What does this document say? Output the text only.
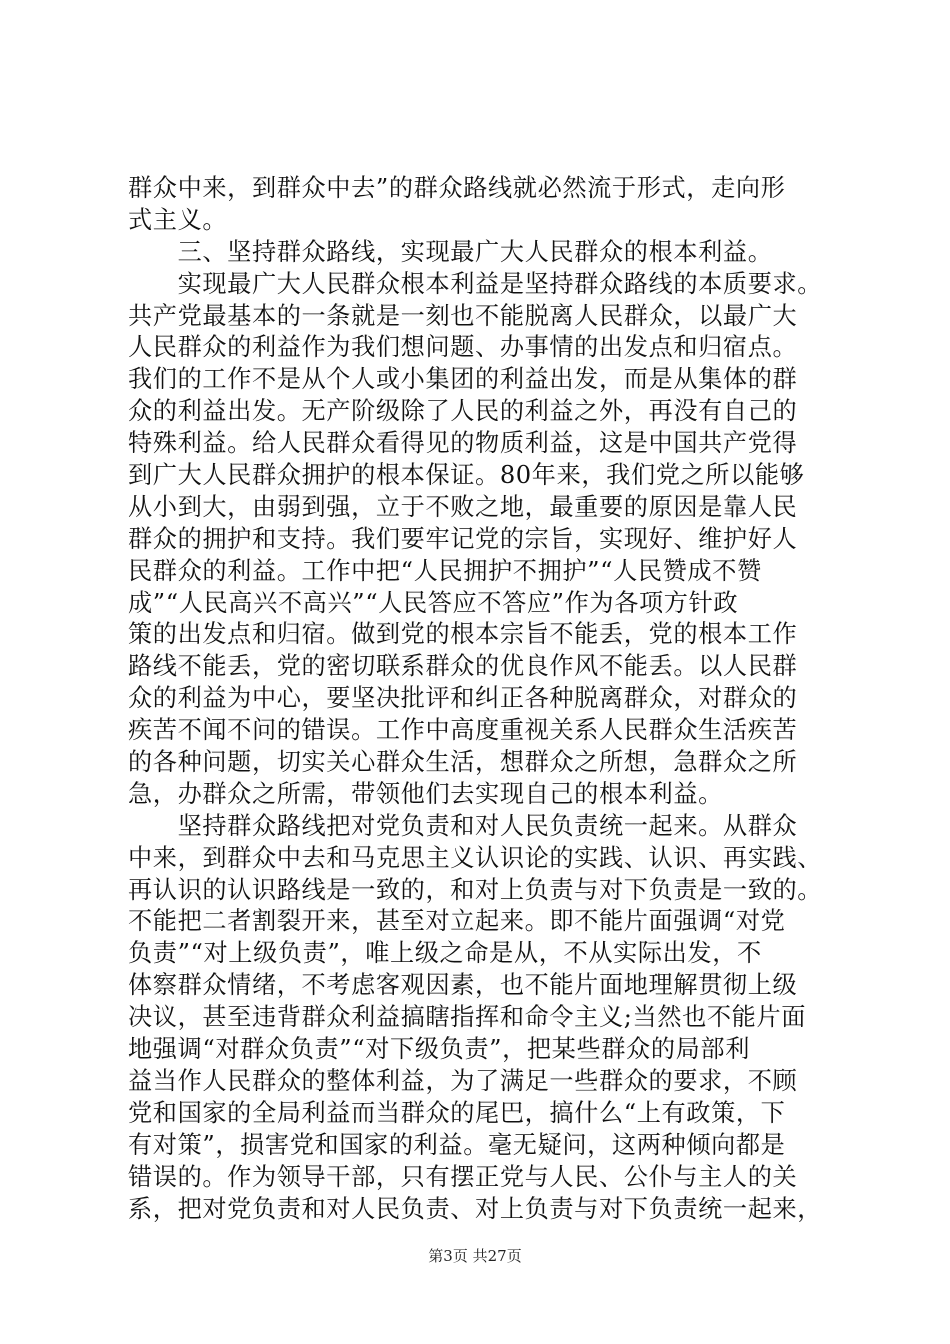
群众中来，到群众中去”的群众路线就必然流于形式，走向形
式主义。
　　三、坚持群众路线，实现最广大人民群众的根本利益。
　　实现最广大人民群众根本利益是坚持群众路线的本质要求。
共产党最基本的一条就是一刻也不能脱离人民群众，以最广大
人民群众的利益作为我们想问题、办事情的出发点和归宿点。
我们的工作不是从个人或小集团的利益出发，而是从集体的群
众的利益出发。无产阶级除了人民的利益之外，再没有自己的
特殊利益。给人民群众看得见的物质利益，这是中国共产党得
到广大人民群众拥护的根本保证。80年来，我们党之所以能够
从小到大，由弱到强，立于不败之地，最重要的原因是靠人民
群众的拥护和支持。我们要牢记党的宗旨，实现好、维护好人
民群众的利益。工作中把“人民拥护不拥护”“人民赞成不赞
成”“人民高兴不高兴”“人民答应不答应”作为各项方针政
策的出发点和归宿。做到党的根本宗旨不能丢，党的根本工作
路线不能丢，党的密切联系群众的优良作风不能丢。以人民群
众的利益为中心，要坚决批评和纠正各种脱离群众，对群众的
疾苦不闻不问的错误。工作中高度重视关系人民群众生活疾苦
的各种问题，切实关心群众生活，想群众之所想，急群众之所
急，办群众之所需，带领他们去实现自己的根本利益。
　　坚持群众路线把对党负责和对人民负责统一起来。从群众
中来，到群众中去和马克思主义认识论的实践、认识、再实践、
再认识的认识路线是一致的，和对上负责与对下负责是一致的。
不能把二者割裂开来，甚至对立起来。即不能片面强调“对党
负责”“对上级负责”，唯上级之命是从，不从实际出发，不
体察群众情绪，不考虑客观因素，也不能片面地理解贯彻上级
决议，甚至违背群众利益搞瞎指挥和命令主义;当然也不能片面
地强调“对群众负责”“对下级负责”，把某些群众的局部利
益当作人民群众的整体利益，为了满足一些群众的要求，不顾
党和国家的全局利益而当群众的尾巴，搞什么“上有政策，下
有对策”，损害党和国家的利益。毫无疑问，这两种倾向都是
错误的。作为领导干部，只有摆正党与人民、公仆与主人的关
系，把对党负责和对人民负责、对上负责与对下负责统一起来，
第3页 共27页
